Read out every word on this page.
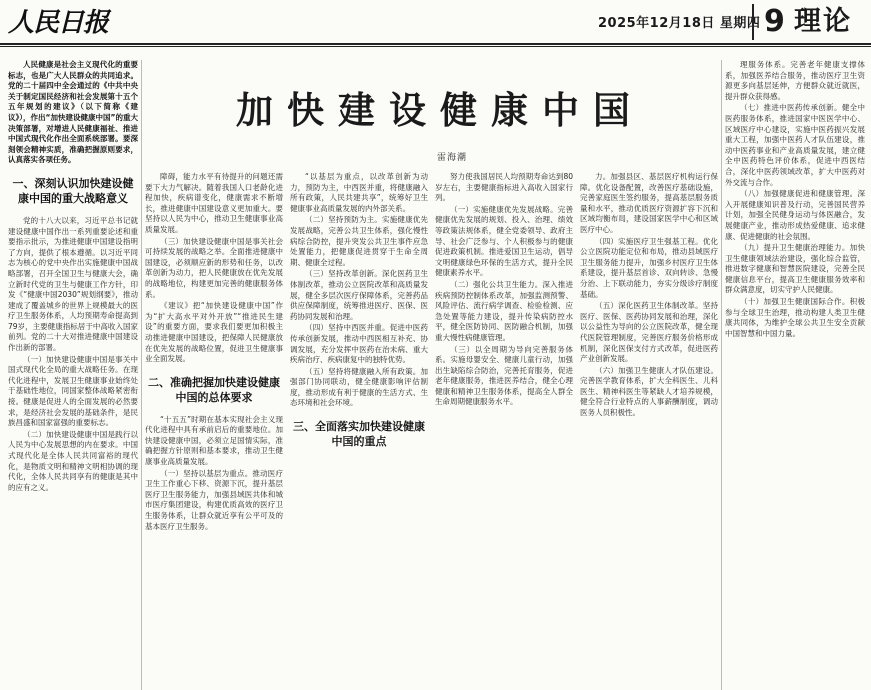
人民日报	2025年12月18日 星期四 9 理论
加快建设健康中国
雷海潮

人民健康是社会主义现代化的重要标志，也是广大人民群众的共同追求。党的二十届四中全会通过的《中共中央关于制定国民经济和社会发展第十五个五年规划的建议》（以下简称《建议》），作出“加快建设健康中国”的重大决策部署，对增进人民健康福祉、推进中国式现代化作出全面系统部署。要深刻领会精神实质，准确把握原则要求，认真落实各项任务。

一、深刻认识加快建设健康中国的重大战略意义

党的十八大以来，习近平总书记就建设健康中国作出一系列重要论述和重要指示批示，为推进健康中国建设指明了方向，提供了根本遵循。以习近平同志为核心的党中央作出实施健康中国战略部署，召开全国卫生与健康大会，确立新时代党的卫生与健康工作方针，印发《“健康中国2030”规划纲要》，推动建成了覆盖城乡的世界上规模最大的医疗卫生服务体系，人均预期寿命提高到79岁，主要健康指标居于中高收入国家前列。党的二十大对推进健康中国建设作出新的部署。

（一）加快建设健康中国是事关中国式现代化全局的重大战略任务。在现代化进程中，发展卫生健康事业始终处于基础性地位，同国家整体战略紧密衔接。健康是促进人的全面发展的必然要求，是经济社会发展的基础条件，是民族昌盛和国家富强的重要标志。

（二）加快建设健康中国是践行以人民为中心发展思想的内在要求。中国式现代化是全体人民共同富裕的现代化，是物质文明和精神文明相协调的现代化，全体人民共同享有的健康是其中的应有之义。

障碍，能力水平有待提升的问题还需要下大力气解决。随着我国人口老龄化进程加快，疾病谱变化，健康需求不断增长，推进健康中国建设意义更加重大。要坚持以人民为中心，推动卫生健康事业高质量发展。

（三）加快建设健康中国是事关社会可持续发展的战略之举。全面推进健康中国建设，必须顺应新的形势和任务，以改革创新为动力，把人民健康放在优先发展的战略地位，构建更加完善的健康服务体系。

《建议》把“加快建设健康中国”作为“扩大高水平对外开放”“推进民生建设”的重要方面，要求我们要更加积极主动推进健康中国建设，把保障人民健康放在优先发展的战略位置，促进卫生健康事业全面发展。

二、准确把握加快建设健康中国的总体要求

“十五五”时期在基本实现社会主义现代化进程中具有承前启后的重要地位。加快建设健康中国，必须立足国情实际，准确把握方针原则和基本要求，推动卫生健康事业高质量发展。

（一）坚持以基层为重点。推动医疗卫生工作重心下移、资源下沉，提升基层医疗卫生服务能力，加强县域医共体和城市医疗集团建设，构建优质高效的医疗卫生服务体系，让群众就近享有公平可及的基本医疗卫生服务。

“以基层为重点，以改革创新为动力，预防为主，中西医并重，将健康融入所有政策，人民共建共享”，统筹好卫生健康事业高质量发展的内外部关系。

（二）坚持预防为主。实施健康优先发展战略，完善公共卫生体系，强化慢性病综合防控，提升突发公共卫生事件应急处置能力，把健康促进贯穿于生命全周期、健康全过程。

（三）坚持改革创新。深化医药卫生体制改革，推动公立医院改革和高质量发展，健全多层次医疗保障体系，完善药品供应保障制度，统筹推进医疗、医保、医药协同发展和治理。

（四）坚持中西医并重。促进中医药传承创新发展，推动中西医相互补充、协调发展，充分发挥中医药在治未病、重大疾病治疗、疾病康复中的独特优势。

（五）坚持将健康融入所有政策。加强部门协同联动，健全健康影响评估制度，推动形成有利于健康的生活方式、生态环境和社会环境。

三、全面落实加快建设健康中国的重点

努力使我国居民人均预期寿命达到80岁左右，主要健康指标进入高收入国家行列。

（一）实施健康优先发展战略。完善健康优先发展的规划、投入、治理、绩效等政策法规体系，健全党委领导、政府主导、社会广泛参与、个人积极参与的健康促进政策机制。推进爱国卫生运动，倡导文明健康绿色环保的生活方式，提升全民健康素养水平。

（二）强化公共卫生能力。深入推进疾病预防控制体系改革，加强监测预警、风险评估、流行病学调查、检验检测、应急处置等能力建设，提升传染病防控水平，健全医防协同、医防融合机制，加强重大慢性病健康管理。

（三）以全周期为导向完善服务体系。实施母婴安全、健康儿童行动，加强出生缺陷综合防治，完善托育服务，促进老年健康服务，推进医养结合，健全心理健康和精神卫生服务体系，提高全人群全生命周期健康服务水平。

力。加强县区、基层医疗机构运行保障。优化设备配置，改善医疗基础设施，完善家庭医生签约服务，提高基层服务质量和水平，推动优质医疗资源扩容下沉和区域均衡布局，建设国家医学中心和区域医疗中心。

（四）实施医疗卫生强基工程。优化公立医院功能定位和布局，推动县域医疗卫生服务能力提升，加强乡村医疗卫生体系建设，提升基层首诊、双向转诊、急慢分治、上下联动能力，夯实分级诊疗制度基础。

（五）深化医药卫生体制改革。坚持医疗、医保、医药协同发展和治理，深化以公益性为导向的公立医院改革，健全现代医院管理制度，完善医疗服务价格形成机制，深化医保支付方式改革，促进医药产业创新发展。

（六）加强卫生健康人才队伍建设。完善医学教育体系，扩大全科医生、儿科医生、精神科医生等紧缺人才培养规模，健全符合行业特点的人事薪酬制度，调动医务人员积极性。

理服务体系。完善老年健康支撑体系，加强医养结合服务，推动医疗卫生资源更多向基层延伸，方便群众就近就医，提升群众获得感。

（七）推进中医药传承创新。健全中医药服务体系，推进国家中医医学中心、区域医疗中心建设，实施中医药振兴发展重大工程，加强中医药人才队伍建设，推动中医药事业和产业高质量发展，建立健全中医药特色评价体系，促进中西医结合，深化中医药领域改革，扩大中医药对外交流与合作。

（八）加强健康促进和健康管理。深入开展健康知识普及行动，完善国民营养计划，加强全民健身运动与体医融合，发展健康产业，推动形成热爱健康、追求健康、促进健康的社会氛围。

（九）提升卫生健康治理能力。加快卫生健康领域法治建设，强化综合监管，推进数字健康和智慧医院建设，完善全民健康信息平台，提高卫生健康服务效率和群众满意度，切实守护人民健康。

（十）加强卫生健康国际合作。积极参与全球卫生治理，推动构建人类卫生健康共同体，为维护全球公共卫生安全贡献中国智慧和中国力量。
